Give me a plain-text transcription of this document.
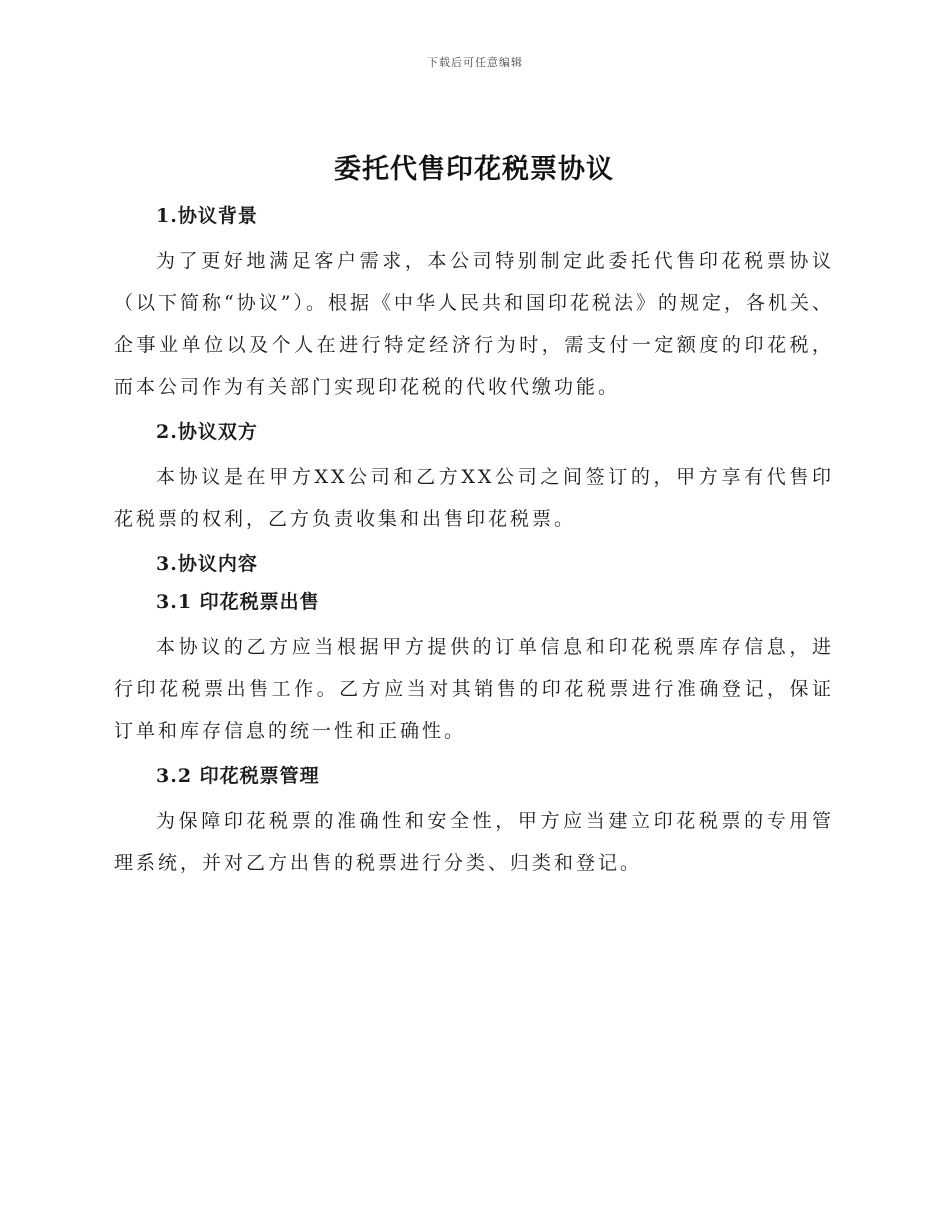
下载后可任意编辑
委托代售印花税票协议
1.协议背景

为了更好地满足客户需求，本公司特别制定此委托代售印花税票协议（以下简称“协议”）。根据《中华人民共和国印花税法》的规定，各机关、企事业单位以及个人在进行特定经济行为时，需支付一定额度的印花税，而本公司作为有关部门实现印花税的代收代缴功能。

2.协议双方

本协议是在甲方XX公司和乙方XX公司之间签订的，甲方享有代售印花税票的权利，乙方负责收集和出售印花税票。

3.协议内容
3.1 印花税票出售

本协议的乙方应当根据甲方提供的订单信息和印花税票库存信息，进行印花税票出售工作。乙方应当对其销售的印花税票进行准确登记，保证订单和库存信息的统一性和正确性。

3.2 印花税票管理

为保障印花税票的准确性和安全性，甲方应当建立印花税票的专用管理系统，并对乙方出售的税票进行分类、归类和登记。
